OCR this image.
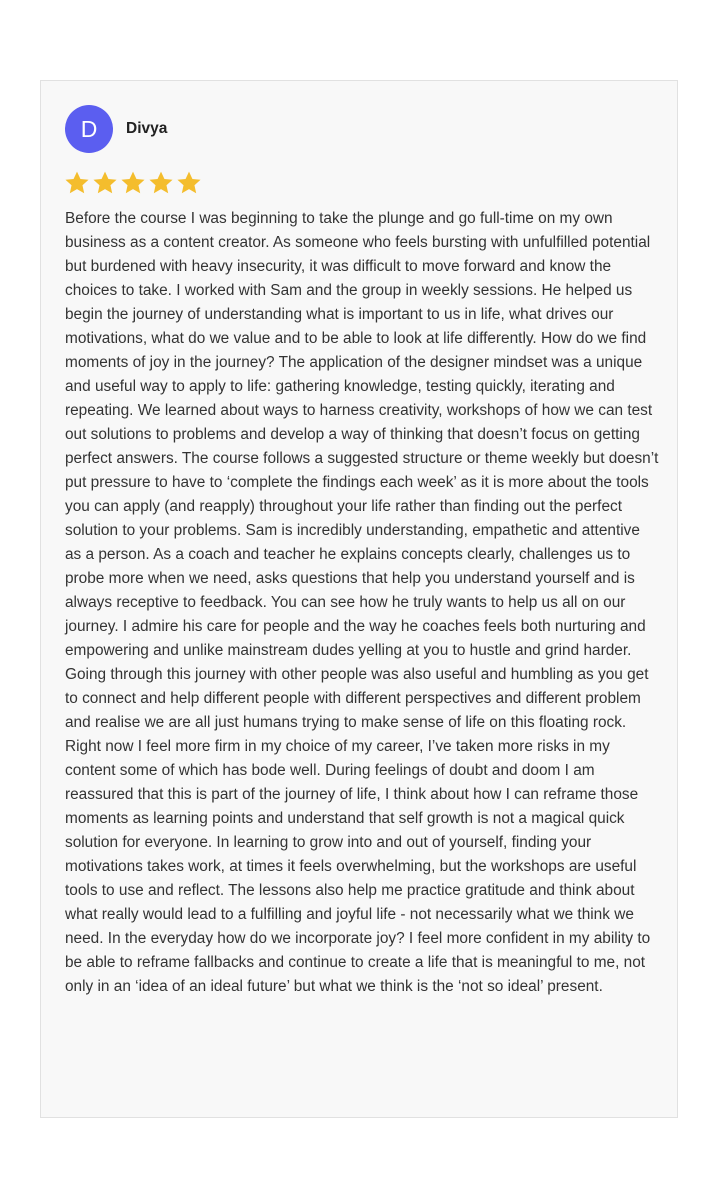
D	Divya

Before the course I was beginning to take the plunge and go full-time on my own business as a content creator. As someone who feels bursting with unfulfilled potential but burdened with heavy insecurity, it was difficult to move forward and know the choices to take. I worked with Sam and the group in weekly sessions. He helped us begin the journey of understanding what is important to us in life, what drives our motivations, what do we value and to be able to look at life differently. How do we find moments of joy in the journey? The application of the designer mindset was a unique and useful way to apply to life: gathering knowledge, testing quickly, iterating and repeating. We learned about ways to harness creativity, workshops of how we can test out solutions to problems and develop a way of thinking that doesn’t focus on getting perfect answers. The course follows a suggested structure or theme weekly but doesn’t put pressure to have to ‘complete the findings each week’ as it is more about the tools you can apply (and reapply) throughout your life rather than finding out the perfect solution to your problems. Sam is incredibly understanding, empathetic and attentive as a person. As a coach and teacher he explains concepts clearly, challenges us to probe more when we need, asks questions that help you understand yourself and is always receptive to feedback. You can see how he truly wants to help us all on our journey. I admire his care for people and the way he coaches feels both nurturing and empowering and unlike mainstream dudes yelling at you to hustle and grind harder. Going through this journey with other people was also useful and humbling as you get to connect and help different people with different perspectives and different problem and realise we are all just humans trying to make sense of life on this floating rock. Right now I feel more firm in my choice of my career, I’ve taken more risks in my content some of which has bode well. During feelings of doubt and doom I am reassured that this is part of the journey of life, I think about how I can reframe those moments as learning points and understand that self growth is not a magical quick solution for everyone. In learning to grow into and out of yourself, finding your motivations takes work, at times it feels overwhelming, but the workshops are useful tools to use and reflect. The lessons also help me practice gratitude and think about what really would lead to a fulfilling and joyful life - not necessarily what we think we need. In the everyday how do we incorporate joy? I feel more confident in my ability to be able to reframe fallbacks and continue to create a life that is meaningful to me, not only in an ‘idea of an ideal future’ but what we think is the ‘not so ideal’ present.
